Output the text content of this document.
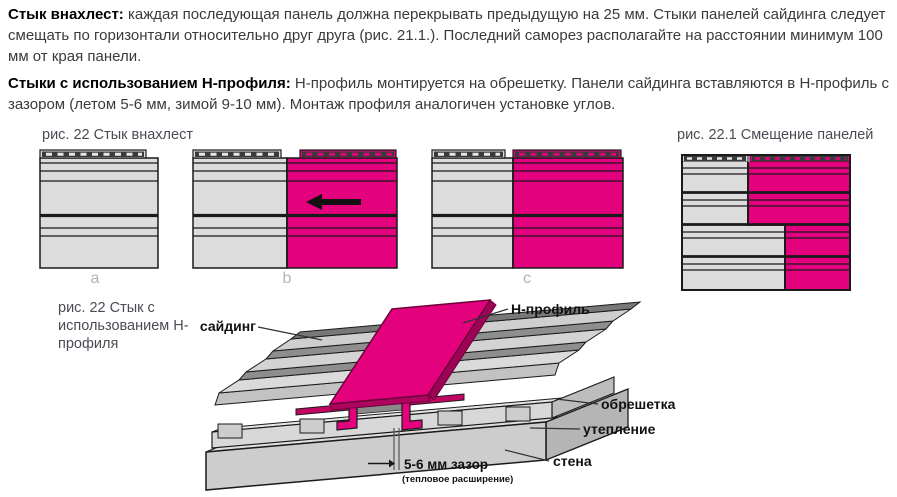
Стык внахлест: каждая последующая панель должна перекрывать предыдущую на 25 мм. Стыки панелей сайдинга следует смещать по горизонтали относительно друг друга (рис. 21.1.). Последний саморез располагайте на расстоянии минимум 100 мм от края панели.
Стыки с использованием Н-профиля: Н-профиль монтируется на обрешетку. Панели сайдинга вставляются в Н-профиль с зазором (летом 5-6 мм, зимой 9-10 мм). Монтаж профиля аналогичен установке углов.
рис. 22 Стык внахлест	рис. 22.1 Смещение панелей
рис. 22 Стык с использованием Н-профиля
a	b	c
сайдинг
Н-профиль
обрешетка
утепление
стена
5-6 мм зазор
(тепловое расширение)
